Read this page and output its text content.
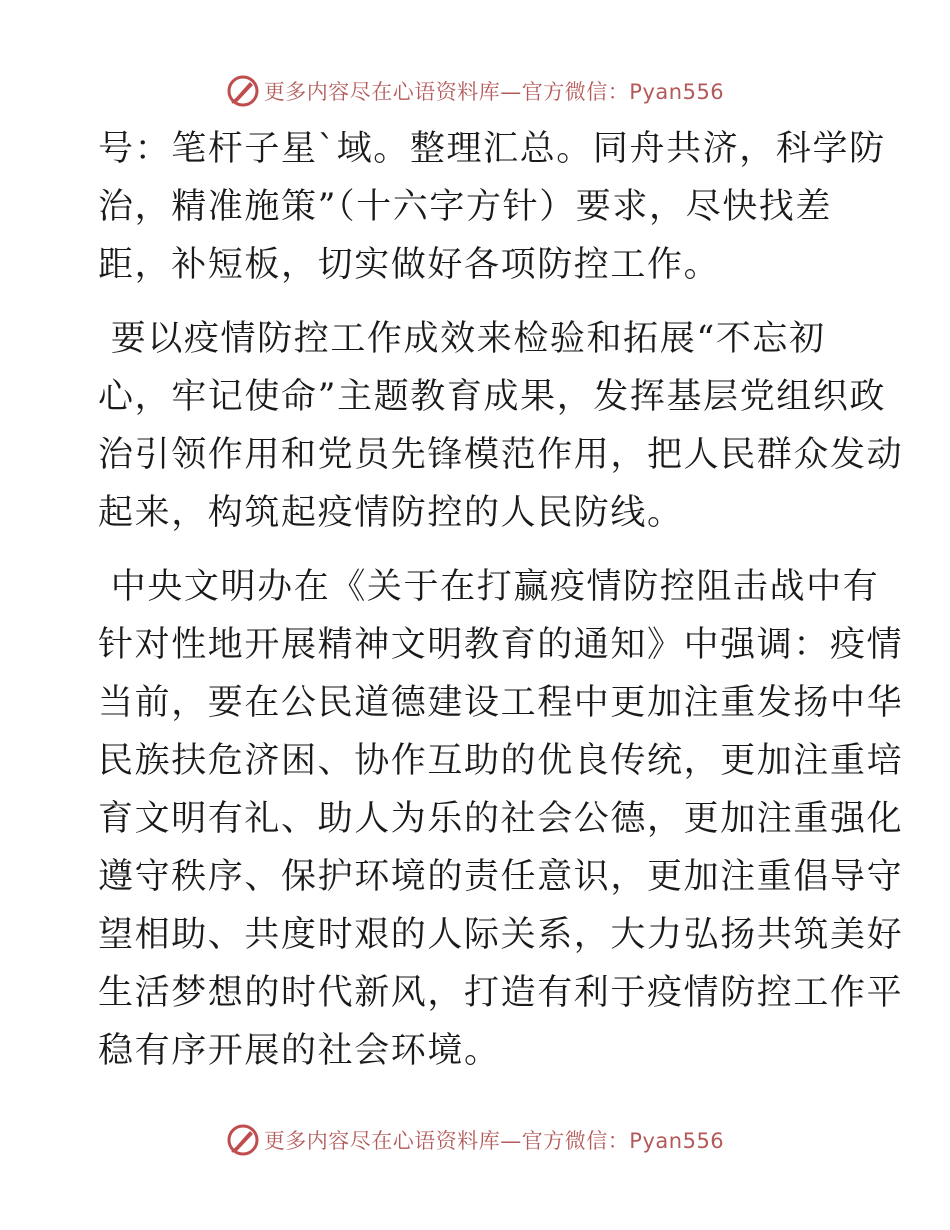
更多内容尽在心语资料库—官方微信：Pyan556
号：笔杆子星`域。整理汇总。同舟共济，科学防
治，精准施策”（十六字方针）要求，尽快找差
距，补短板，切实做好各项防控工作。
要以疫情防控工作成效来检验和拓展“不忘初
心，牢记使命”主题教育成果，发挥基层党组织政
治引领作用和党员先锋模范作用，把人民群众发动
起来，构筑起疫情防控的人民防线。
中央文明办在《关于在打赢疫情防控阻击战中有
针对性地开展精神文明教育的通知》中强调：疫情
当前，要在公民道德建设工程中更加注重发扬中华
民族扶危济困、协作互助的优良传统，更加注重培
育文明有礼、助人为乐的社会公德，更加注重强化
遵守秩序、保护环境的责任意识，更加注重倡导守
望相助、共度时艰的人际关系，大力弘扬共筑美好
生活梦想的时代新风，打造有利于疫情防控工作平
稳有序开展的社会环境。
更多内容尽在心语资料库—官方微信：Pyan556
